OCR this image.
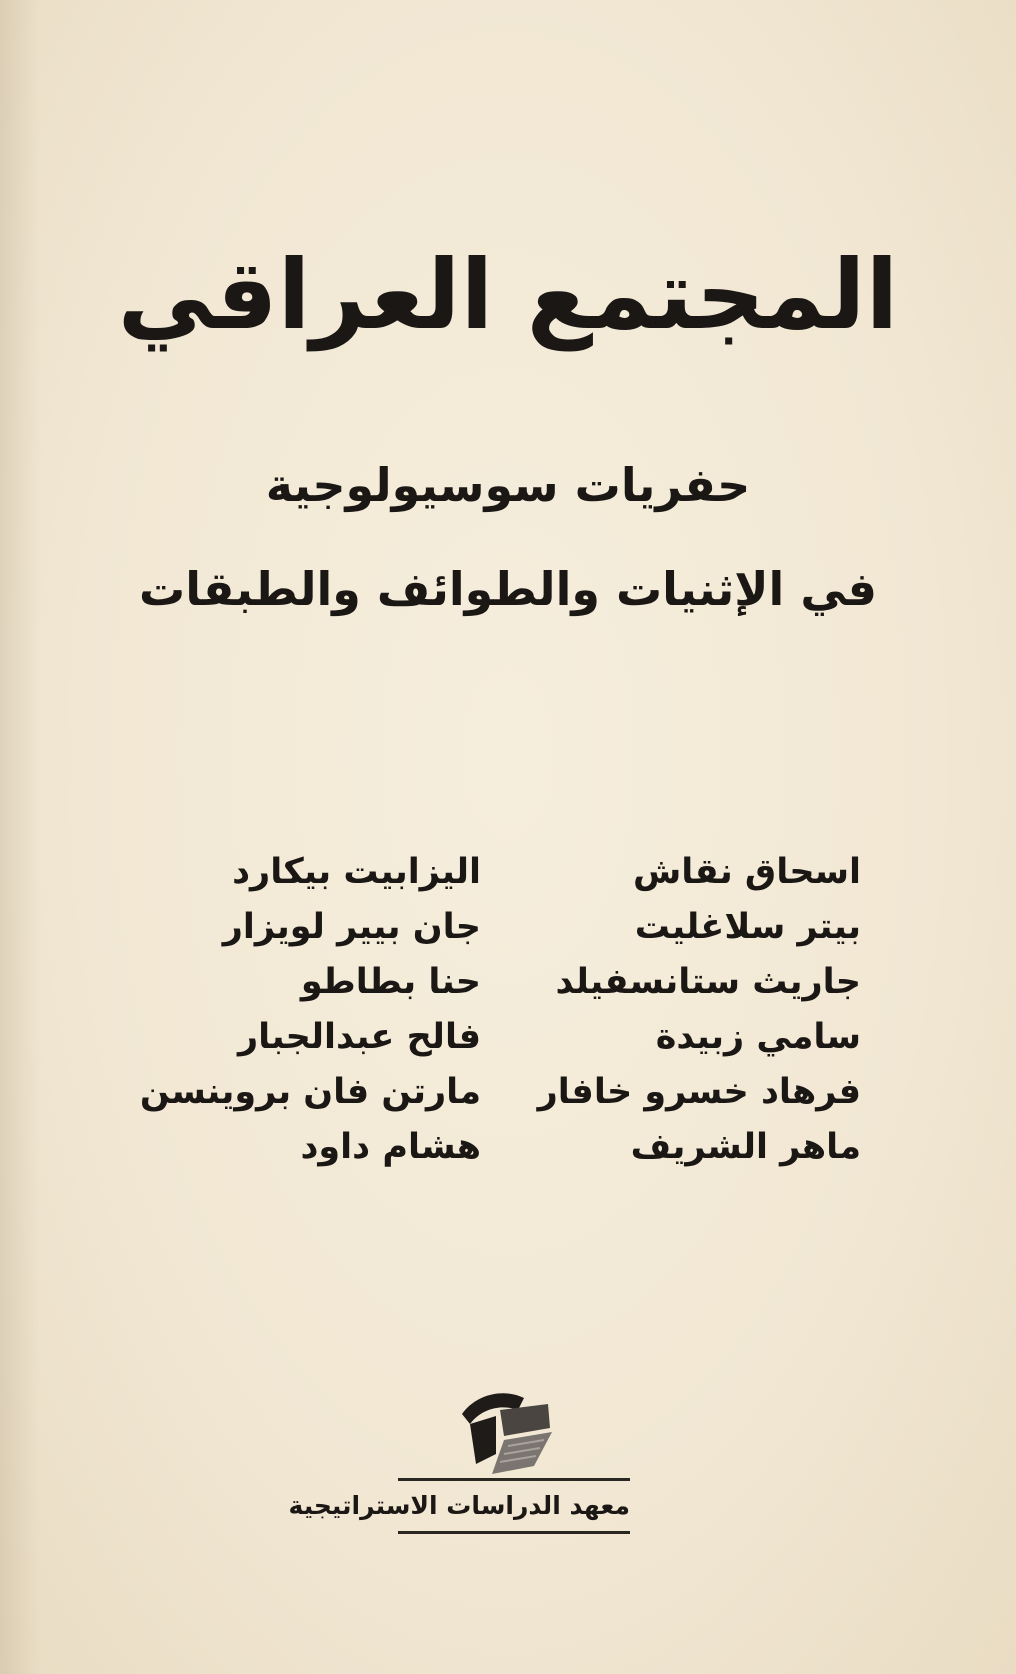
المجتمع العراقي
حفريات سوسيولوجية
في الإثنيات والطوائف والطبقات
اسحاق نقاش
بيتر سلاغليت
جاريث ستانسفيلد
سامي زبيدة
فرهاد خسرو خافار
ماهر الشريف
اليزابيت بيكارد
جان بيير لويزار
حنا بطاطو
فالح عبدالجبار
مارتن فان بروينسن
هشام داود
معهد الدراسات الاستراتيجية
